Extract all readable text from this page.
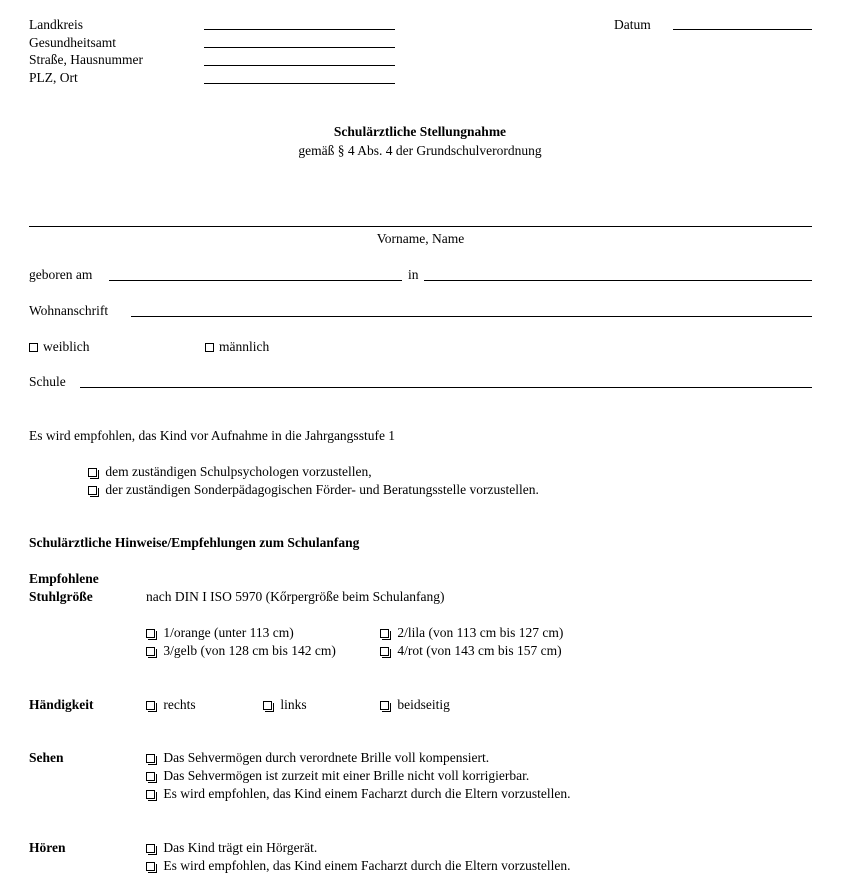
Landkreis
Gesundheitsamt
Straße, Hausnummer
PLZ, Ort
Datum
Schulärztliche Stellungnahme
gemäß § 4 Abs. 4 der Grundschulverordnung
Vorname, Name
geboren am	in
Wohnanschrift
weiblich	männlich
Schule
Es wird empfohlen, das Kind vor Aufnahme in die Jahrgangsstufe 1
dem zuständigen Schulpsychologen vorzustellen,
der zuständigen Sonderpädagogischen Förder- und Beratungsstelle vorzustellen.
Schulärztliche Hinweise/Empfehlungen zum Schulanfang
Empfohlene
Stuhlgröße	nach DIN I ISO 5970 (Kőrpergröße beim Schulanfang)
1/orange (unter 113 cm)	2/lila (von 113 cm bis 127 cm)
3/gelb (von 128 cm bis 142 cm)	4/rot (von 143 cm bis 157 cm)
Händigkeit	rechts	links	beidseitig
Sehen	Das Sehvermögen durch verordnete Brille voll kompensiert.
Das Sehvermögen ist zurzeit mit einer Brille nicht voll korrigierbar.
Es wird empfohlen, das Kind einem Facharzt durch die Eltern vorzustellen.
Hören	Das Kind trägt ein Hörgerät.
Es wird empfohlen, das Kind einem Facharzt durch die Eltern vorzustellen.
